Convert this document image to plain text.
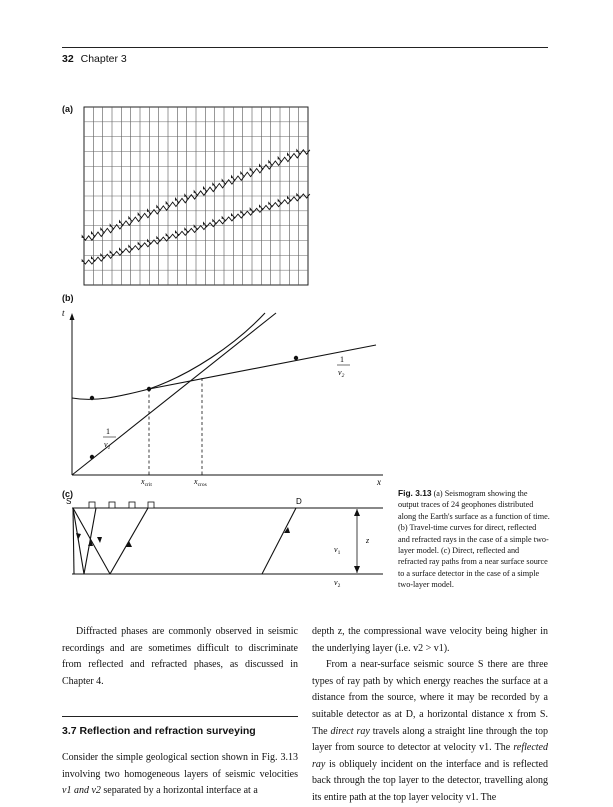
32 Chapter 3
(a)
(b)
(c)
t
x
1
$v_2$
1
$v_1$
$x_{crit}$	$x_{cros}$
S	D
z
$v_1$
$v_2$
Fig. 3.13 (a) Seismogram showing the output traces of 24 geophones distributed along the Earth's surface as a function of time. (b) Travel-time curves for direct, reflected and refracted rays in the case of a simple two-layer model. (c) Direct, reflected and refracted ray paths from a near surface source to a surface detector in the case of a simple two-layer model.

Diffracted phases are commonly observed in seismic recordings and are sometimes difficult to discriminate from reflected and refracted phases, as discussed in Chapter 4.

3.7 Reflection and refraction surveying

Consider the simple geological section shown in Fig. 3.13 involving two homogeneous layers of seismic velocities v1 and v2 separated by a horizontal interface at a

depth z, the compressional wave velocity being higher in the underlying layer (i.e. v2 > v1).

From a near-surface seismic source S there are three types of ray path by which energy reaches the surface at a distance from the source, where it may be recorded by a suitable detector as at D, a horizontal distance x from S. The direct ray travels along a straight line through the top layer from source to detector at velocity v1. The reflected ray is obliquely incident on the interface and is reflected back through the top layer to the detector, travelling along its entire path at the top layer velocity v1. The
